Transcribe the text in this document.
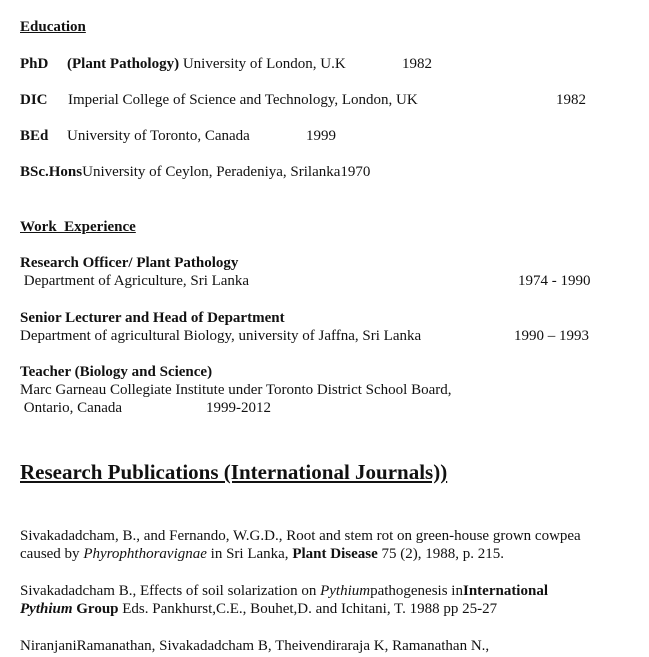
Education
PhD (Plant Pathology) University of London, U.K	1982
DIC Imperial College of Science and Technology, London, UK	1982
BEd University of Toronto, Canada	1999
BSc.HonsUniversity of Ceylon, Peradeniya, Srilanka1970
Work  Experience
Research Officer/ Plant Pathology
Department of Agriculture, Sri Lanka	1974 - 1990
Senior Lecturer and Head of Department
Department of agricultural Biology, university of Jaffna, Sri Lanka	1990 – 1993
Teacher (Biology and Science)
Marc Garneau Collegiate Institute under Toronto District School Board,
Ontario, Canada	1999-2012
Research Publications (International Journals))
Sivakadadcham, B., and Fernando, W.G.D., Root and stem rot on green-house grown cowpea
caused by Phyrophthoravignae in Sri Lanka, Plant Disease 75 (2), 1988, p. 215.
Sivakadadcham B., Effects of soil solarization on Pythiumpathogenesis inInternational
Pythium Group Eds. Pankhurst,C.E., Bouhet,D. and Ichitani, T. 1988 pp 25-27
NiranjaniRamanathan, Sivakadadcham B, Theivendiraraja K, Ramanathan N.,
